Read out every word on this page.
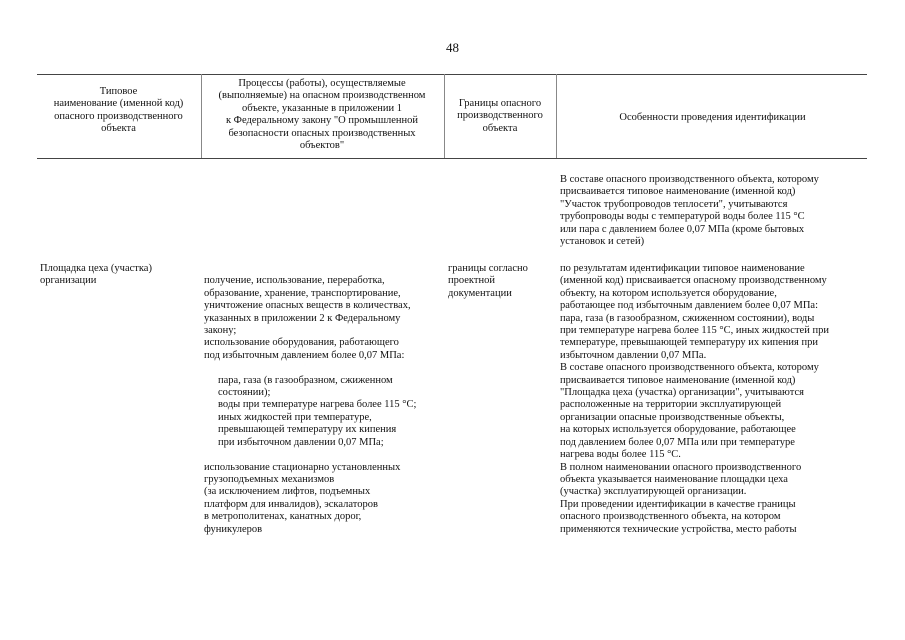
48
Типовое
наименование (именной код)
опасного производственного
объекта
Процессы (работы), осуществляемые
(выполняемые) на опасном производственном
объекте, указанные в приложении 1
к Федеральному закону "О промышленной
безопасности опасных производственных
объектов"
Границы опасного
производственного
объекта
Особенности проведения идентификации
В составе опасного производственного объекта, которому
присваивается типовое наименование (именной код)
"Участок трубопроводов теплосети", учитываются
трубопроводы воды с температурой воды более 115 °С
или пара с давлением более 0,07 МПа (кроме бытовых
установок и сетей)
Площадка цеха (участка)
организации	получение, использование, переработка,
образование, хранение, транспортирование,
уничтожение опасных веществ в количествах,
указанных в приложении 2 к Федеральному
закону;
использование оборудования, работающего
под избыточным давлением более 0,07 МПа:

пара, газа (в газообразном, сжиженном
состоянии);
воды при температуре нагрева более 115 °С;
иных жидкостей при температуре,
превышающей температуру их кипения
при избыточном давлении 0,07 МПа;

использование стационарно установленных
грузоподъемных механизмов
(за исключением лифтов, подъемных
платформ для инвалидов), эскалаторов
в метрополитенах, канатных дорог,
фуникулеров

границы согласно
проектной
документации
по результатам идентификации типовое наименование
(именной код) присваивается опасному производственному
объекту, на котором используется оборудование,
работающее под избыточным давлением более 0,07 МПа:
пара, газа (в газообразном, сжиженном состоянии), воды
при температуре нагрева более 115 °С, иных жидкостей при
температуре, превышающей температуру их кипения при
избыточном давлении 0,07 МПа.
В составе опасного производственного объекта, которому
присваивается типовое наименование (именной код)
"Площадка цеха (участка) организации", учитываются
расположенные на территории эксплуатирующей
организации опасные производственные объекты,
на которых используется оборудование, работающее
под давлением более 0,07 МПа или при температуре
нагрева воды более 115 °С.
В полном наименовании опасного производственного
объекта указывается наименование площадки цеха
(участка) эксплуатирующей организации.
При проведении идентификации в качестве границы
опасного производственного объекта, на котором
применяются технические устройства, место работы
